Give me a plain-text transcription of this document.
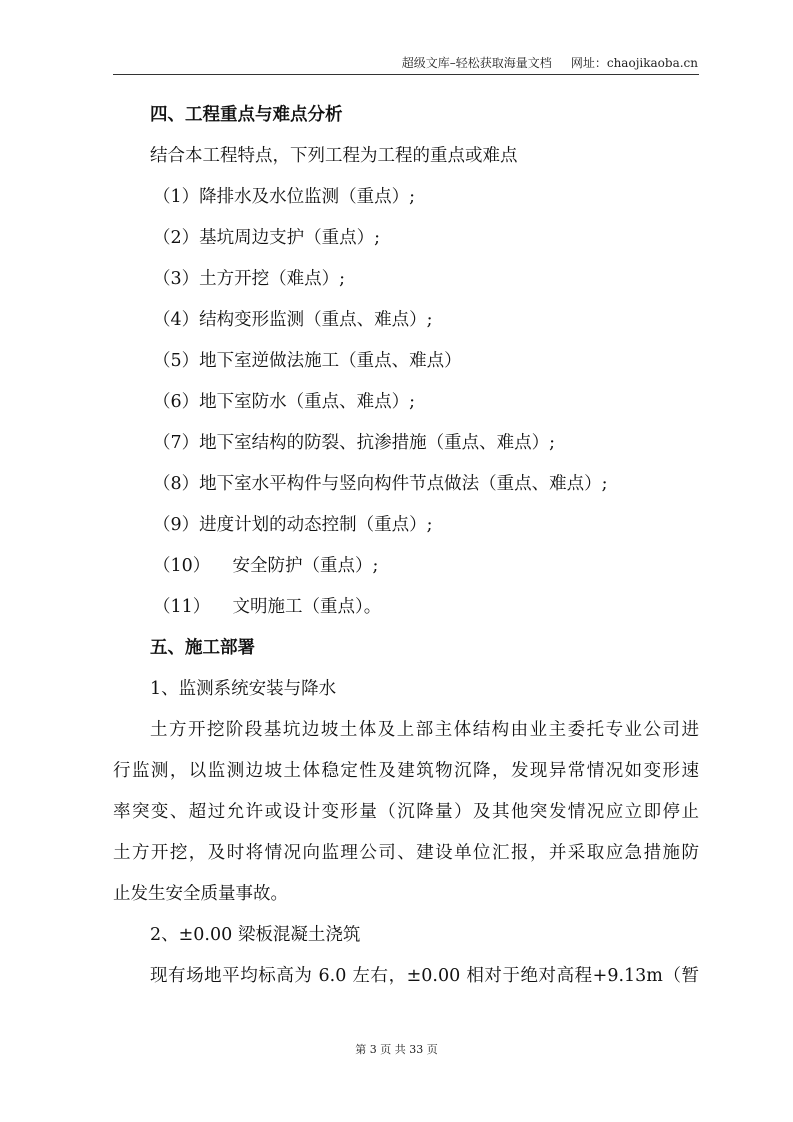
超级文库–轻松获取海量文档 网址：chaojikaoba.cn
四、工程重点与难点分析
结合本工程特点，下列工程为工程的重点或难点
（1）降排水及水位监测（重点）;
（2）基坑周边支护（重点）;
（3）土方开挖（难点）;
（4）结构变形监测（重点、难点）;
（5）地下室逆做法施工（重点、难点）
（6）地下室防水（重点、难点）;
（7）地下室结构的防裂、抗渗措施（重点、难点）;
（8）地下室水平构件与竖向构件节点做法（重点、难点）;
（9）进度计划的动态控制（重点）;
（10）    安全防护（重点）;
（11）    文明施工（重点）。
五、施工部署
1、监测系统安装与降水
土方开挖阶段基坑边坡土体及上部主体结构由业主委托专业公司进
行监测，以监测边坡土体稳定性及建筑物沉降，发现异常情况如变形速
率突变、超过允许或设计变形量（沉降量）及其他突发情况应立即停止
土方开挖，及时将情况向监理公司、建设单位汇报，并采取应急措施防
止发生安全质量事故。
2、±0.00 梁板混凝土浇筑
现有场地平均标高为 6.0 左右，±0.00 相对于绝对高程+9.13m（暂
第 3 页 共 33 页
